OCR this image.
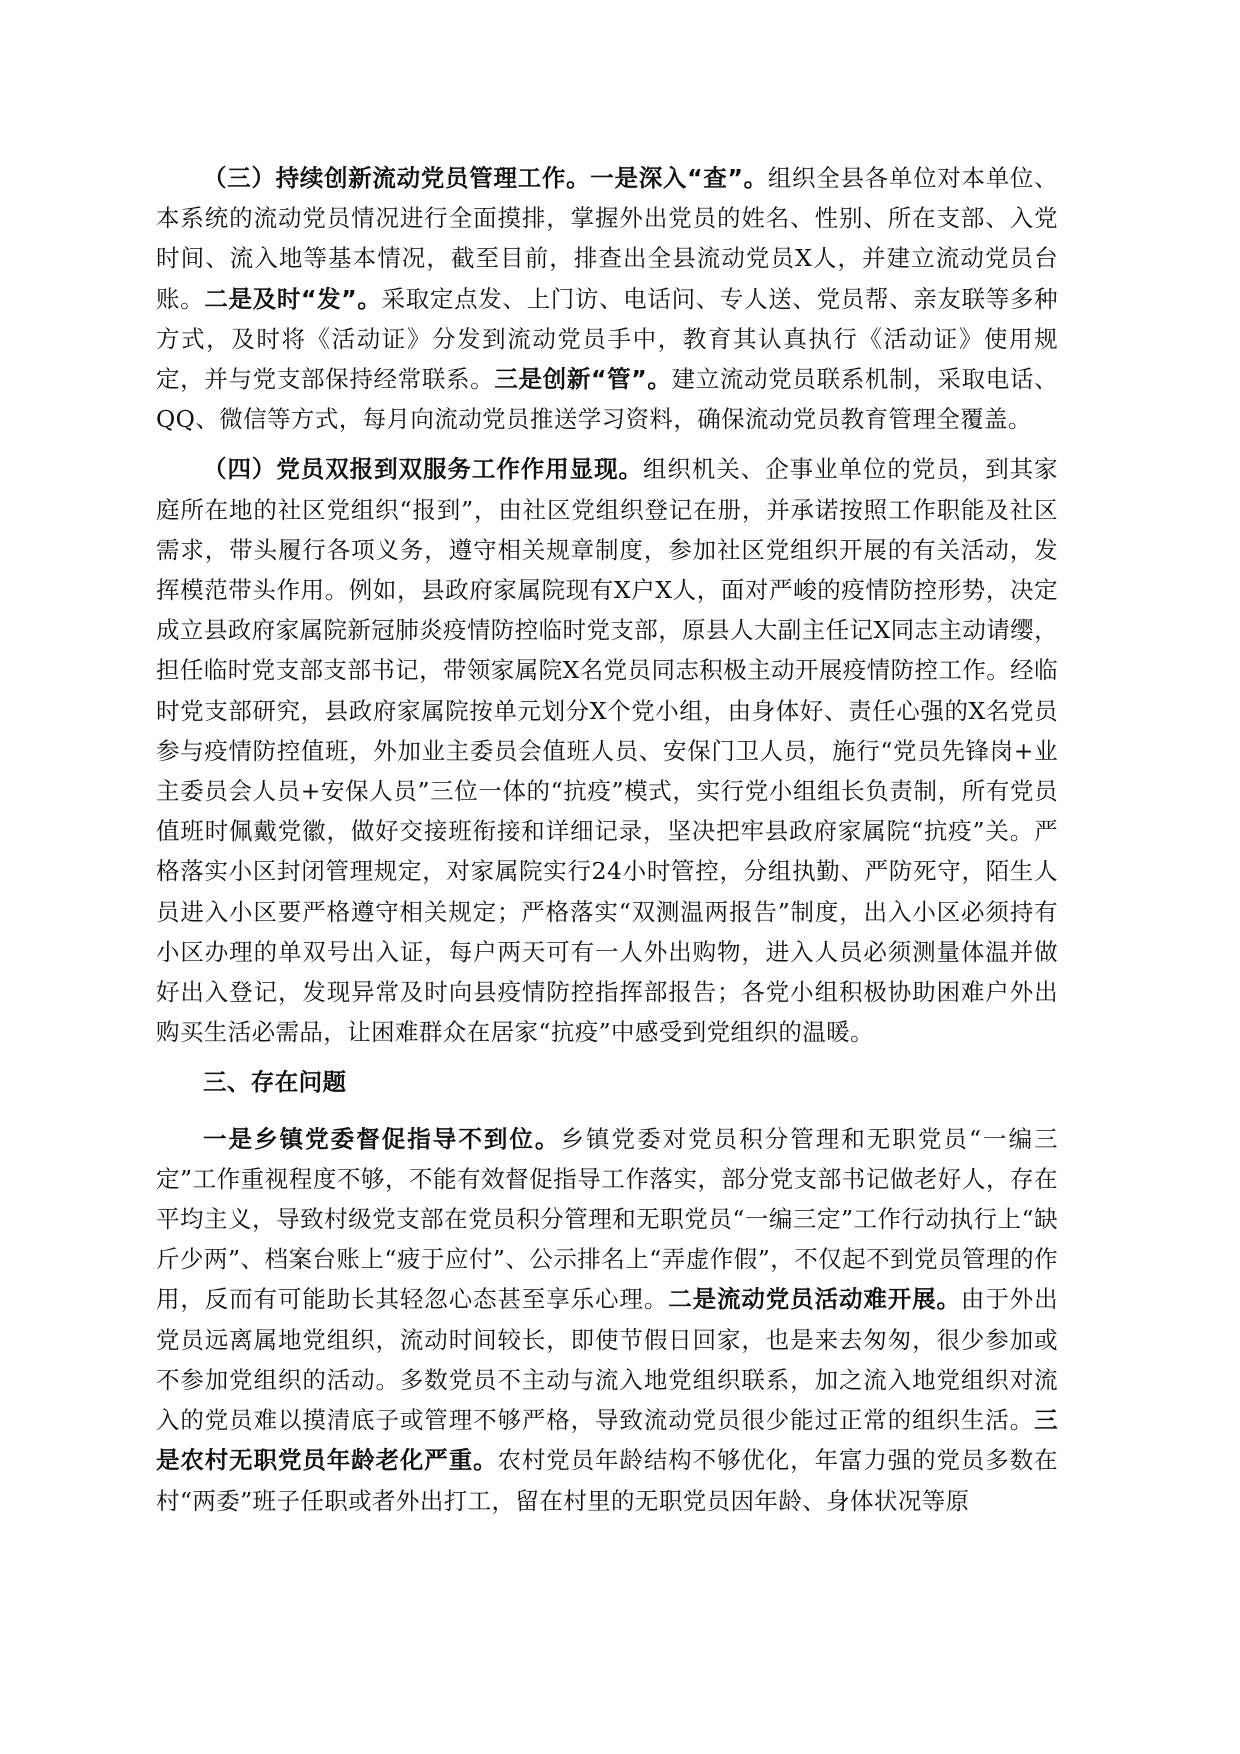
（三）持续创新流动党员管理工作。一是深入“查”。组织全县各单位对本单位、本系统的流动党员情况进行全面摸排，掌握外出党员的姓名、性别、所在支部、入党时间、流入地等基本情况，截至目前，排查出全县流动党员X人，并建立流动党员台账。二是及时“发”。采取定点发、上门访、电话问、专人送、党员帮、亲友联等多种方式，及时将《活动证》分发到流动党员手中，教育其认真执行《活动证》使用规定，并与党支部保持经常联系。三是创新“管”。建立流动党员联系机制，采取电话、QQ、微信等方式，每月向流动党员推送学习资料，确保流动党员教育管理全覆盖。

（四）党员双报到双服务工作作用显现。组织机关、企事业单位的党员，到其家庭所在地的社区党组织“报到”，由社区党组织登记在册，并承诺按照工作职能及社区需求，带头履行各项义务，遵守相关规章制度，参加社区党组织开展的有关活动，发挥模范带头作用。例如，县政府家属院现有X户X人，面对严峻的疫情防控形势，决定成立县政府家属院新冠肺炎疫情防控临时党支部，原县人大副主任记X同志主动请缨，担任临时党支部支部书记，带领家属院X名党员同志积极主动开展疫情防控工作。经临时党支部研究，县政府家属院按单元划分X个党小组，由身体好、责任心强的X名党员参与疫情防控值班，外加业主委员会值班人员、安保门卫人员，施行“党员先锋岗+业主委员会人员+安保人员”三位一体的“抗疫”模式，实行党小组组长负责制，所有党员值班时佩戴党徽，做好交接班衔接和详细记录，坚决把牢县政府家属院“抗疫”关。严格落实小区封闭管理规定，对家属院实行24小时管控，分组执勤、严防死守，陌生人员进入小区要严格遵守相关规定；严格落实“双测温两报告”制度，出入小区必须持有小区办理的单双号出入证，每户两天可有一人外出购物，进入人员必须测量体温并做好出入登记，发现异常及时向县疫情防控指挥部报告；各党小组积极协助困难户外出购买生活必需品，让困难群众在居家“抗疫”中感受到党组织的温暖。

三、存在问题

一是乡镇党委督促指导不到位。乡镇党委对党员积分管理和无职党员“一编三定”工作重视程度不够，不能有效督促指导工作落实，部分党支部书记做老好人，存在平均主义，导致村级党支部在党员积分管理和无职党员“一编三定”工作行动执行上“缺斤少两”、档案台账上“疲于应付”、公示排名上“弄虚作假”，不仅起不到党员管理的作用，反而有可能助长其轻忽心态甚至享乐心理。二是流动党员活动难开展。由于外出党员远离属地党组织，流动时间较长，即使节假日回家，也是来去匆匆，很少参加或不参加党组织的活动。多数党员不主动与流入地党组织联系，加之流入地党组织对流入的党员难以摸清底子或管理不够严格，导致流动党员很少能过正常的组织生活。三是农村无职党员年龄老化严重。农村党员年龄结构不够优化，年富力强的党员多数在村“两委”班子任职或者外出打工，留在村里的无职党员因年龄、身体状况等原
